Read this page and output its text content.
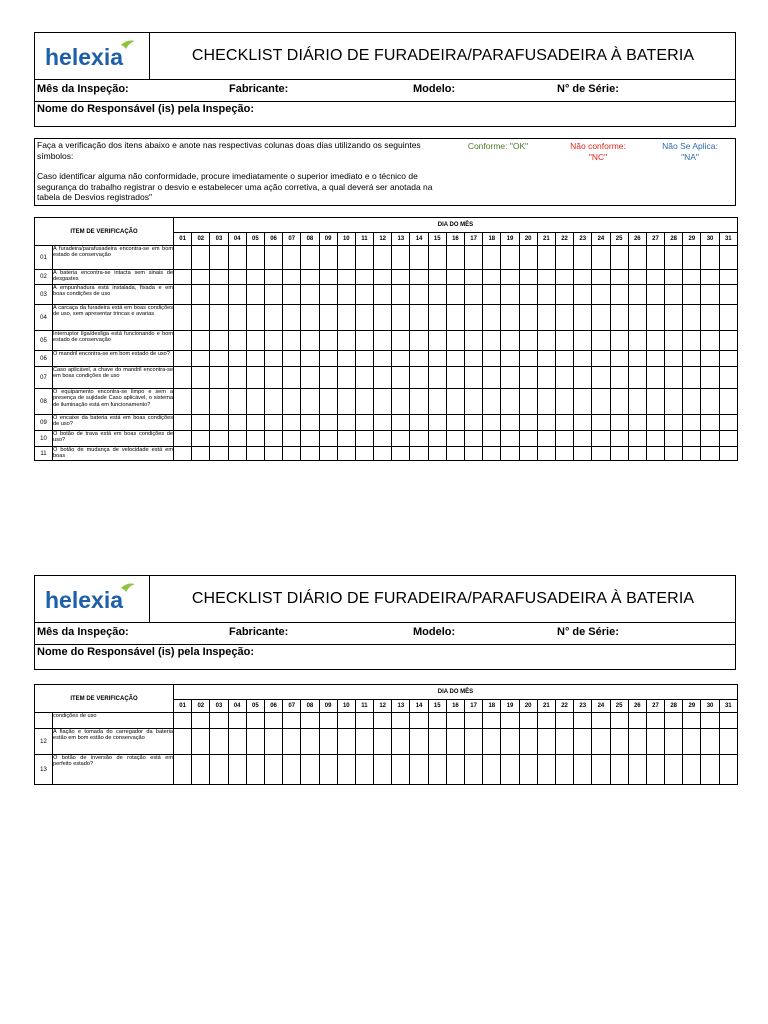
helexia	CHECKLIST DIÁRIO DE FURADEIRA/PARAFUSADEIRA À BATERIA
Mês da Inspeção:	Fabricante:	Modelo:	N° de Série:
Nome do Responsável (is) pela Inspeção:
Faça a verificação dos itens abaixo e anote nas respectivas colunas doas dias utilizando os seguintes símbolos:
Caso identificar alguma não conformidade, procure imediatamente o superior imediato e o técnico de segurança do trabalho registrar o desvio e estabelecer uma ação corretiva, a qual deverá ser anotada na tabela de Desvios registrados"
Conforme: "OK"	Não conforme:
"NC"
Não Se Aplica:
"NA"
ITEM DE VERIFICAÇÃO		DIA DO MÊS																														
		01	02	03	04	05	06	07	08	09	10	11	12	13	14	15	16	17	18	19	20	21	22	23	24	25	26	27	28	29	30	31
01	A furadeira/parafusadeira encontra-se em bom estado de conservação																															
02	A bateria encontra-se intacta sem sinais de desgastes																															
03	A empunhadura está instalada, fixada e em boas condições de uso																															
04	A carcaça da furadeira está em boas condições de uso, sem apresentar trincas e avarias																															
05	Interruptor liga/desliga está funcionando e bom estado de conservação																															
06	O mandril encontra-se em bom estado de uso?																															
07	Caso aplicável, a chave do mandril encontra-se em boas condições de uso																															
08	O equipamento encontra-se limpo e sem a presença de sujidade Caso aplicável, o sistema de iluminação está em funcionamento?																															
09	O encaixe da bateria está em boas condições de uso?																															
10	O botão de trava está em boas condições de uso?																															
11	O botão de mudança de velocidade está em boas																															
helexia	CHECKLIST DIÁRIO DE FURADEIRA/PARAFUSADEIRA À BATERIA
Mês da Inspeção:	Fabricante:	Modelo:	N° de Série:
Nome do Responsável (is) pela Inspeção:
ITEM DE VERIFICAÇÃO		DIA DO MÊS																														
		01	02	03	04	05	06	07	08	09	10	11	12	13	14	15	16	17	18	19	20	21	22	23	24	25	26	27	28	29	30	31
	condições de uso																															
12	A fiação e tomada do carregador da bateria estão em bom estão de conservação																															
13	O botão de inversão de rotação está em perfeito estado?																															
